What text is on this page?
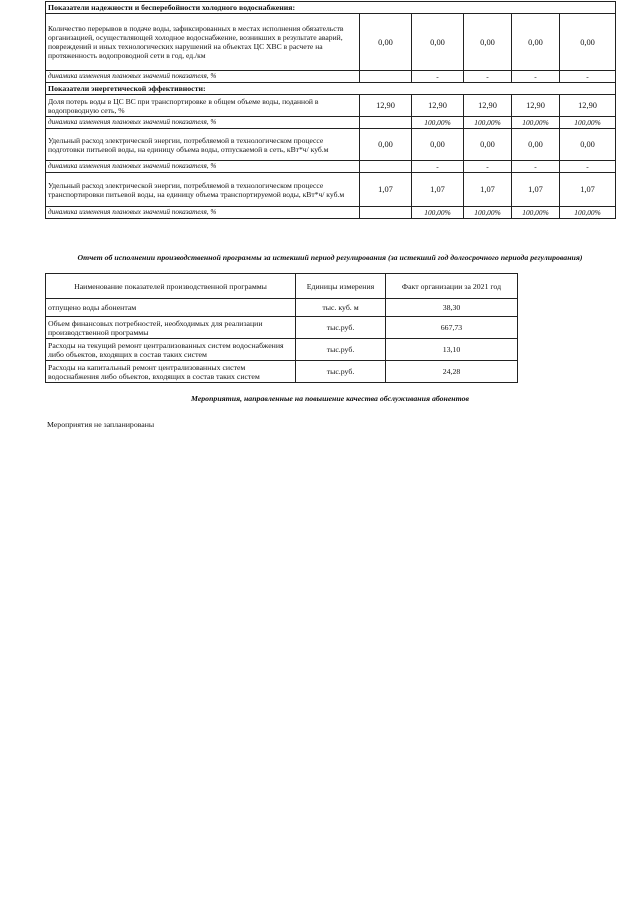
Показатели надежности и бесперебойности холодного водоснабжения:					
Количество перерывов в подаче воды, зафиксированных в местах исполнения обязательств организацией, осуществляющей холодное водоснабжение, возникших в результате аварий, повреждений и иных технологических нарушений на объектах ЦС ХВС в расчете на протяженность водопроводной сети в год, ед./км	0,00	0,00	0,00	0,00	0,00
динамика изменения плановых значений показателя, %		-	-	-	-
Показатели энергетической эффективности:					
Доля потерь воды в ЦС ВС при транспортировке в общем объеме воды, поданной в водопроводную сеть, %	12,90	12,90	12,90	12,90	12,90
динамика изменения плановых значений показателя, %		100,00%	100,00%	100,00%	100,00%
Удельный расход электрической энергии, потребляемой в технологическом процессе подготовки питьевой воды, на единицу объема воды, отпускаемой в сеть, кВт*ч/ куб.м	0,00	0,00	0,00	0,00	0,00
динамика изменения плановых значений показателя, %		-	-	-	-
Удельный расход электрической энергии, потребляемой в технологическом процессе транспортировки питьевой воды, на единицу объема транспортируемой воды, кВт*ч/ куб.м	1,07	1,07	1,07	1,07	1,07
динамика изменения плановых значений показателя, %		100,00%	100,00%	100,00%	100,00%
Отчет об исполнении производственной программы за истекший период регулирования (за истекший год долгосрочного периода регулирования)
Наименование показателей производственной программы	Единицы измерения	Факт организации за 2021 год
отпущено воды абонентам	тыс. куб. м	38,30
Объем финансовых потребностей, необходимых для реализации производственной программы	тыс.руб.	667,73
Расходы на текущий ремонт централизованных систем водоснабжения либо объектов, входящих в состав таких систем	тыс.руб.	13,10
Расходы на капитальный ремонт централизованных систем водоснабжения либо объектов, входящих в состав таких систем	тыс.руб.	24,28
Мероприятия, направленные на повышение качества обслуживания абонентов
Мероприятия не запланированы
